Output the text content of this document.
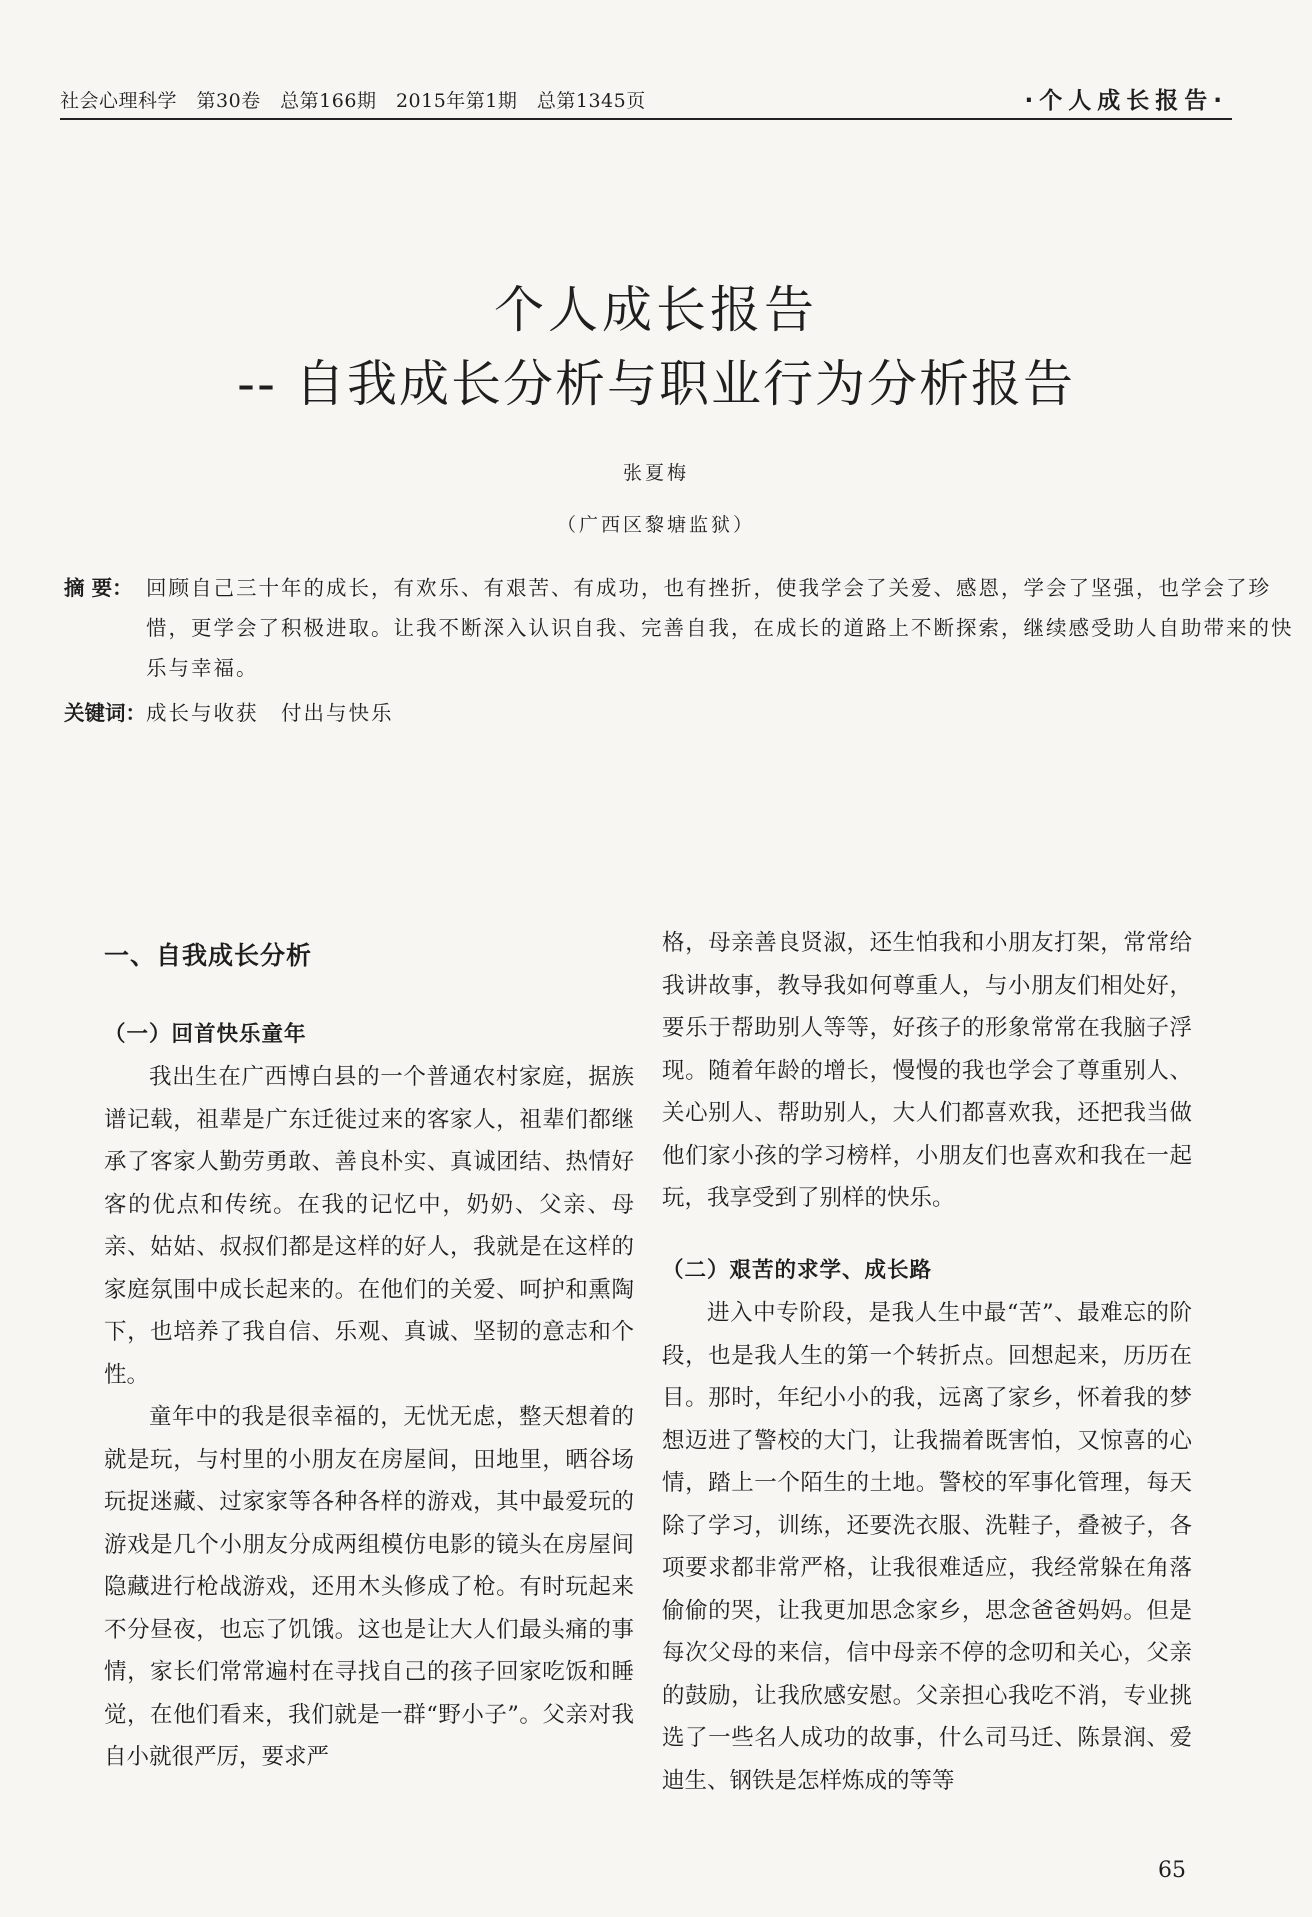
社会心理科学　第30卷　总第166期　2015年第1期　总第1345页	·个人成长报告·
个人成长报告
-- 自我成长分析与职业行为分析报告
张夏梅
（广西区黎塘监狱）
摘 要： 回顾自己三十年的成长，有欢乐、有艰苦、有成功，也有挫折，使我学会了关爱、感恩，学会了坚强，也学会了珍惜，更学会了积极进取。让我不断深入认识自我、完善自我，在成长的道路上不断探索，继续感受助人自助带来的快乐与幸福。
关键词：成长与收获　付出与快乐

一、自我成长分析

（一）回首快乐童年

我出生在广西博白县的一个普通农村家庭，据族谱记载，祖辈是广东迁徙过来的客家人，祖辈们都继承了客家人勤劳勇敢、善良朴实、真诚团结、热情好客的优点和传统。在我的记忆中，奶奶、父亲、母亲、姑姑、叔叔们都是这样的好人，我就是在这样的家庭氛围中成长起来的。在他们的关爱、呵护和熏陶下，也培养了我自信、乐观、真诚、坚韧的意志和个性。

童年中的我是很幸福的，无忧无虑，整天想着的就是玩，与村里的小朋友在房屋间，田地里，晒谷场玩捉迷藏、过家家等各种各样的游戏，其中最爱玩的游戏是几个小朋友分成两组模仿电影的镜头在房屋间隐藏进行枪战游戏，还用木头修成了枪。有时玩起来不分昼夜，也忘了饥饿。这也是让大人们最头痛的事情，家长们常常遍村在寻找自己的孩子回家吃饭和睡觉，在他们看来，我们就是一群“野小子”。父亲对我自小就很严厉，要求严

格，母亲善良贤淑，还生怕我和小朋友打架，常常给我讲故事，教导我如何尊重人，与小朋友们相处好，要乐于帮助别人等等，好孩子的形象常常在我脑子浮现。随着年龄的增长，慢慢的我也学会了尊重别人、关心别人、帮助别人，大人们都喜欢我，还把我当做他们家小孩的学习榜样，小朋友们也喜欢和我在一起玩，我享受到了别样的快乐。

（二）艰苦的求学、成长路

进入中专阶段，是我人生中最“苦”、最难忘的阶段，也是我人生的第一个转折点。回想起来，历历在目。那时，年纪小小的我，远离了家乡，怀着我的梦想迈进了警校的大门，让我揣着既害怕，又惊喜的心情，踏上一个陌生的土地。警校的军事化管理，每天除了学习，训练，还要洗衣服、洗鞋子，叠被子，各项要求都非常严格，让我很难适应，我经常躲在角落偷偷的哭，让我更加思念家乡，思念爸爸妈妈。但是每次父母的来信，信中母亲不停的念叨和关心，父亲的鼓励，让我欣感安慰。父亲担心我吃不消，专业挑选了一些名人成功的故事，什么司马迁、陈景润、爱迪生、钢铁是怎样炼成的等等

65
